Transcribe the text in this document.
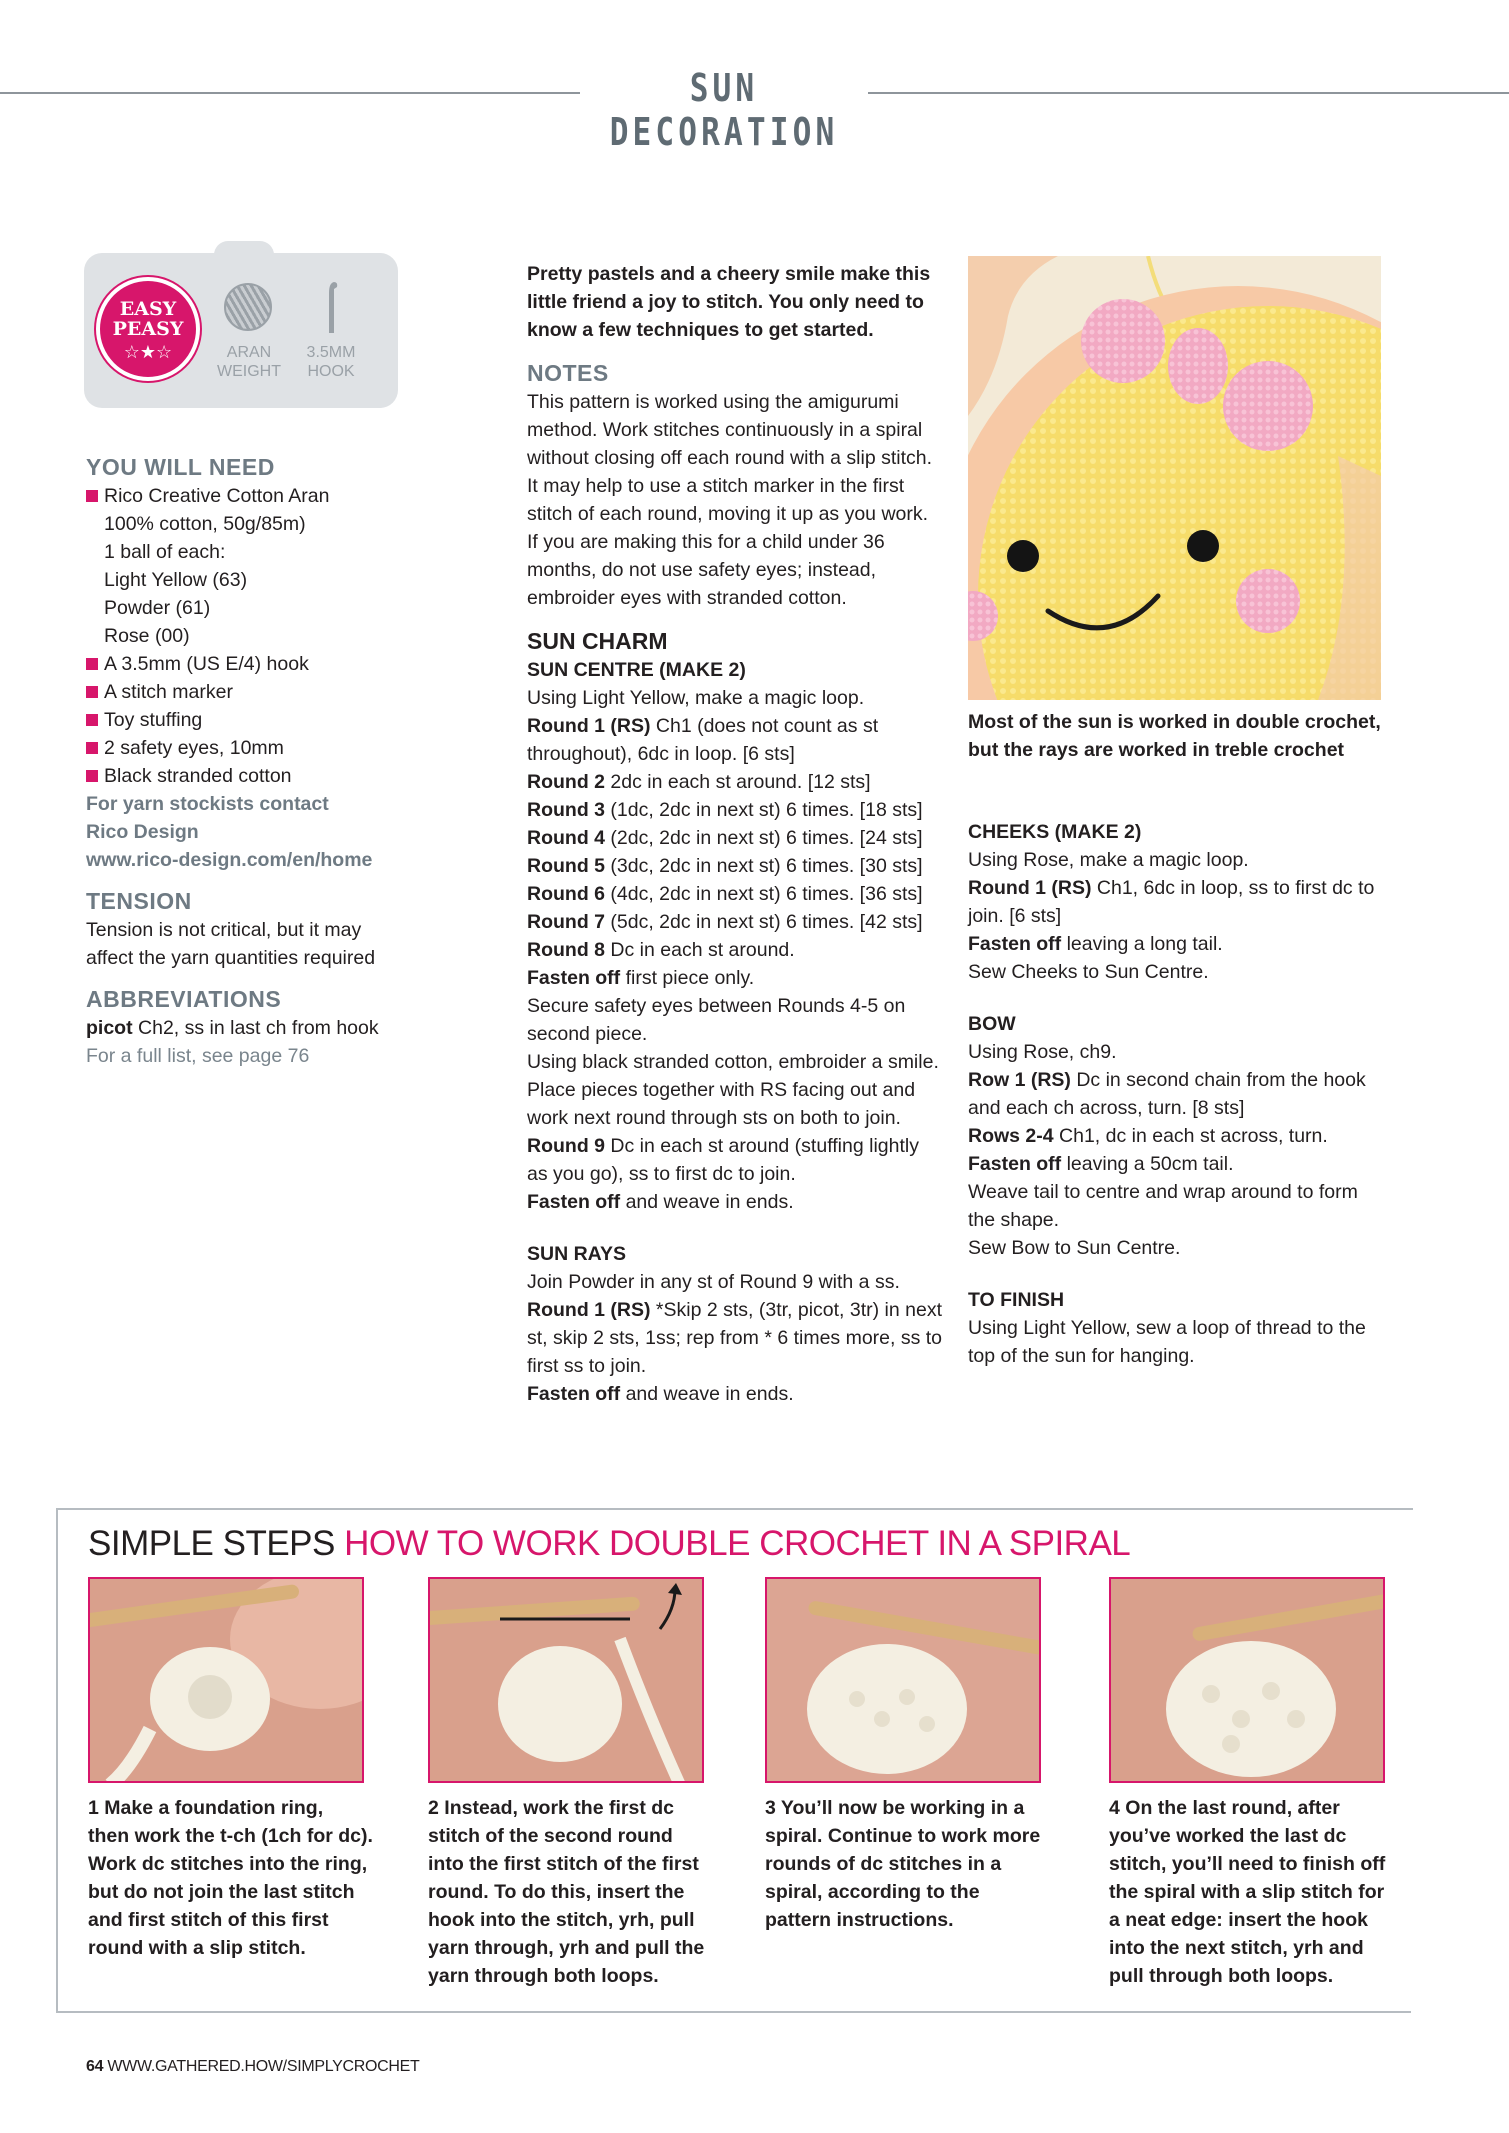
SUN DECORATION
EASY
PEASY
☆★☆	ARAN
WEIGHT
3.5MM
HOOK
YOU WILL NEED
Rico Creative Cotton Aran
100% cotton, 50g/85m)
1 ball of each:
Light Yellow (63)
Powder (61)
Rose (00)
A 3.5mm (US E/4) hook
A stitch marker
Toy stuffing
2 safety eyes, 10mm
Black stranded cotton
For yarn stockists contact
Rico Design
www.rico-design.com/en/home
TENSION
Tension is not critical, but it may
affect the yarn quantities required
ABBREVIATIONS
picot Ch2, ss in last ch from hook
For a full list, see page 76
Pretty pastels and a cheery smile make this
little friend a joy to stitch. You only need to
know a few techniques to get started.
NOTES
This pattern is worked using the amigurumi
method. Work stitches continuously in a spiral
without closing off each round with a slip stitch.
It may help to use a stitch marker in the first
stitch of each round, moving it up as you work.
If you are making this for a child under 36
months, do not use safety eyes; instead,
embroider eyes with stranded cotton.
SUN CHARM
SUN CENTRE (MAKE 2)
Using Light Yellow, make a magic loop.
Round 1 (RS) Ch1 (does not count as st
throughout), 6dc in loop. [6 sts]
Round 2 2dc in each st around. [12 sts]
Round 3 (1dc, 2dc in next st) 6 times. [18 sts]
Round 4 (2dc, 2dc in next st) 6 times. [24 sts]
Round 5 (3dc, 2dc in next st) 6 times. [30 sts]
Round 6 (4dc, 2dc in next st) 6 times. [36 sts]
Round 7 (5dc, 2dc in next st) 6 times. [42 sts]
Round 8 Dc in each st around.
Fasten off first piece only.
Secure safety eyes between Rounds 4-5 on
second piece.
Using black stranded cotton, embroider a smile.
Place pieces together with RS facing out and
work next round through sts on both to join.
Round 9 Dc in each st around (stuffing lightly
as you go), ss to first dc to join.
Fasten off and weave in ends.
SUN RAYS
Join Powder in any st of Round 9 with a ss.
Round 1 (RS) *Skip 2 sts, (3tr, picot, 3tr) in next
st, skip 2 sts, 1ss; rep from * 6 times more, ss to
first ss to join.
Fasten off and weave in ends.
Most of the sun is worked in double crochet,
but the rays are worked in treble crochet
CHEEKS (MAKE 2)
Using Rose, make a magic loop.
Round 1 (RS) Ch1, 6dc in loop, ss to first dc to
join. [6 sts]
Fasten off leaving a long tail.
Sew Cheeks to Sun Centre.
BOW
Using Rose, ch9.
Row 1 (RS) Dc in second chain from the hook
and each ch across, turn. [8 sts]
Rows 2-4 Ch1, dc in each st across, turn.
Fasten off leaving a 50cm tail.
Weave tail to centre and wrap around to form
the shape.
Sew Bow to Sun Centre.
TO FINISH
Using Light Yellow, sew a loop of thread to the
top of the sun for hanging.
SIMPLE STEPS HOW TO WORK DOUBLE CROCHET IN A SPIRAL
1 Make a foundation ring,
then work the t-ch (1ch for dc).
Work dc stitches into the ring,
but do not join the last stitch
and first stitch of this first
round with a slip stitch.
2 Instead, work the first dc
stitch of the second round
into the first stitch of the first
round. To do this, insert the
hook into the stitch, yrh, pull
yarn through, yrh and pull the
yarn through both loops.
3 You’ll now be working in a
spiral. Continue to work more
rounds of dc stitches in a
spiral, according to the
pattern instructions.
4 On the last round, after
you’ve worked the last dc
stitch, you’ll need to finish off
the spiral with a slip stitch for
a neat edge: insert the hook
into the next stitch, yrh and
pull through both loops.
64 WWW.GATHERED.HOW/SIMPLYCROCHET
